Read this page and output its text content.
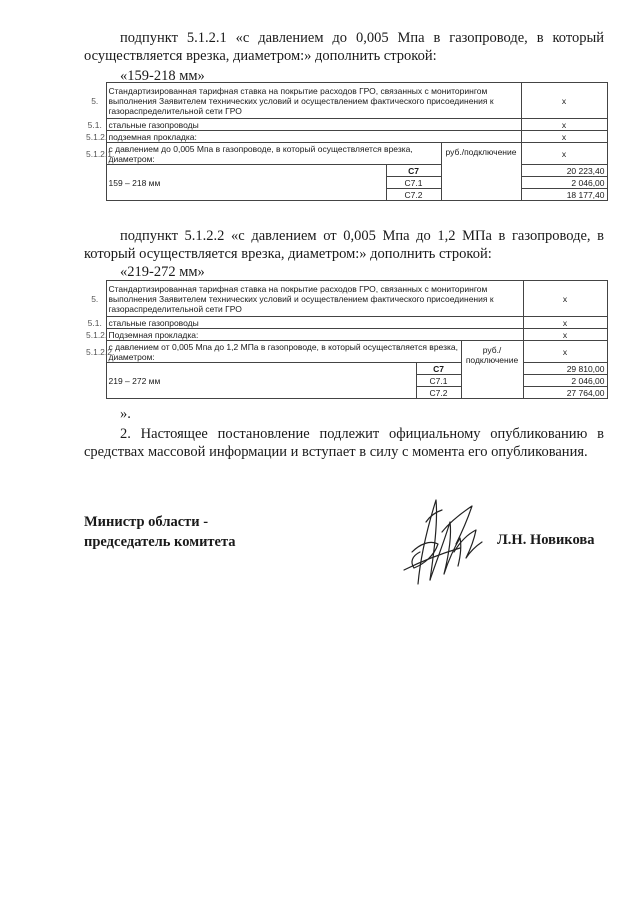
подпункт 5.1.2.1 «с давлением до 0,005 Мпа в газопроводе, в который осуществляется врезка, диаметром:» дополнить строкой:

«159-218 мм»

5.	Стандартизированная тарифная ставка на покрытие расходов ГРО, связанных с мониторингом выполнения Заявителем технических условий и осуществлением фактического присоединения к газораспределительной сети ГРО			x
5.1.	стальные газопроводы			x
5.1.2.	подземная прокладка:			x
5.1.2.1.	с давлением до 0,005 Мпа в газопроводе, в который осуществляется врезка, диаметром:		руб./подключение	x
	159 – 218 мм	С7		20 223,40
		С7.1		2 046,00
		С7.2		18 177,40

подпункт 5.1.2.2 «с давлением от 0,005 Мпа до 1,2 МПа в газопроводе, в который осуществляется врезка, диаметром:» дополнить строкой:

«219-272 мм»

5.	Стандартизированная тарифная ставка на покрытие расходов ГРО, связанных с мониторингом выполнения Заявителем технических условий и осуществлением фактического присоединения к газораспределительной сети ГРО			x
5.1.	стальные газопроводы			x
5.1.2.	Подземная прокладка:			x
5.1.2.2.	с давлением от 0,005 Мпа до 1,2 МПа в газопроводе, в который осуществляется врезка, диаметром:		руб./подключение	x
	219 – 272 мм	С7		29 810,00
		С7.1		2 046,00
		С7.2		27 764,00

».

2. Настоящее постановление подлежит официальному опубликованию в средствах массовой информации и вступает в силу с момента его опубликования.

Министр области -
председатель комитета	Л.Н. Новикова
